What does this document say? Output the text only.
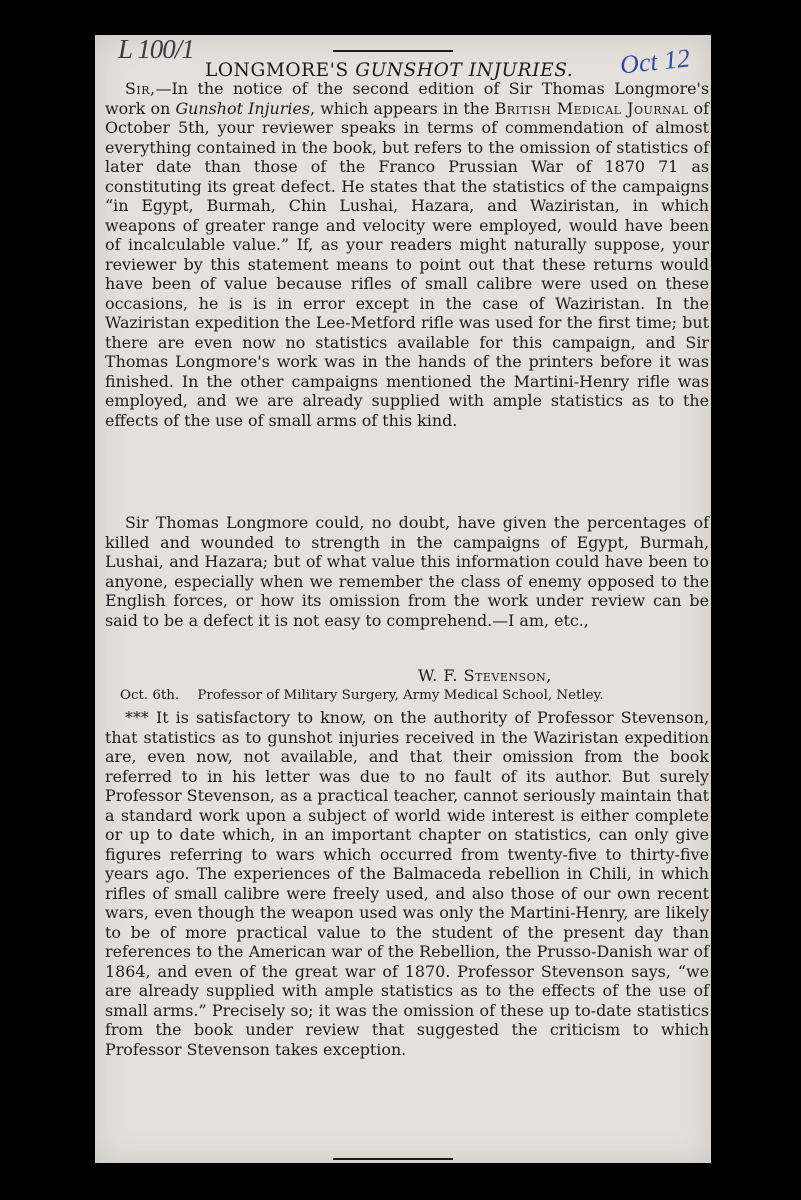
L 100/1	Oct 12
LONGMORE'S GUNSHOT INJURIES.

Sir,—In the notice of the second edition of Sir Thomas Longmore's work on Gunshot Injuries, which appears in the British Medical Journal of October 5th, your reviewer speaks in terms of commendation of almost everything contained in the book, but refers to the omission of statistics of later date than those of the Franco Prussian War of 1870 71 as constituting its great defect. He states that the statistics of the campaigns “in Egypt, Burmah, Chin Lushai, Hazara, and Waziristan, in which weapons of greater range and velocity were employed, would have been of incalculable value.” If, as your readers might naturally suppose, your reviewer by this statement means to point out that these returns would have been of value because rifles of small calibre were used on these occasions, he is is in error except in the case of Waziristan. In the Waziristan expedition the Lee-Metford rifle was used for the first time; but there are even now no statistics available for this campaign, and Sir Thomas Longmore's work was in the hands of the printers before it was finished. In the other campaigns mentioned the Martini-Henry rifle was employed, and we are already supplied with ample statistics as to the effects of the use of small arms of this kind.

Sir Thomas Longmore could, no doubt, have given the percentages of killed and wounded to strength in the campaigns of Egypt, Burmah, Lushai, and Hazara; but of what value this information could have been to anyone, especially when we remember the class of enemy opposed to the English forces, or how its omission from the work under review can be said to be a defect it is not easy to comprehend.—I am, etc.,

W. F. Stevenson,
Oct. 6th. Professor of Military Surgery, Army Medical School, Netley.

*** It is satisfactory to know, on the authority of Professor Stevenson, that statistics as to gunshot injuries received in the Waziristan expedition are, even now, not available, and that their omission from the book referred to in his letter was due to no fault of its author. But surely Professor Stevenson, as a practical teacher, cannot seriously maintain that a standard work upon a subject of world wide interest is either complete or up to date which, in an important chapter on statistics, can only give figures referring to wars which occurred from twenty-five to thirty-five years ago. The experiences of the Balmaceda rebellion in Chili, in which rifles of small calibre were freely used, and also those of our own recent wars, even though the weapon used was only the Martini-Henry, are likely to be of more practical value to the student of the present day than references to the American war of the Rebellion, the Prusso-Danish war of 1864, and even of the great war of 1870. Professor Stevenson says, “we are already supplied with ample statistics as to the effects of the use of small arms.” Precisely so; it was the omission of these up to-date statistics from the book under review that suggested the criticism to which Professor Stevenson takes exception.
